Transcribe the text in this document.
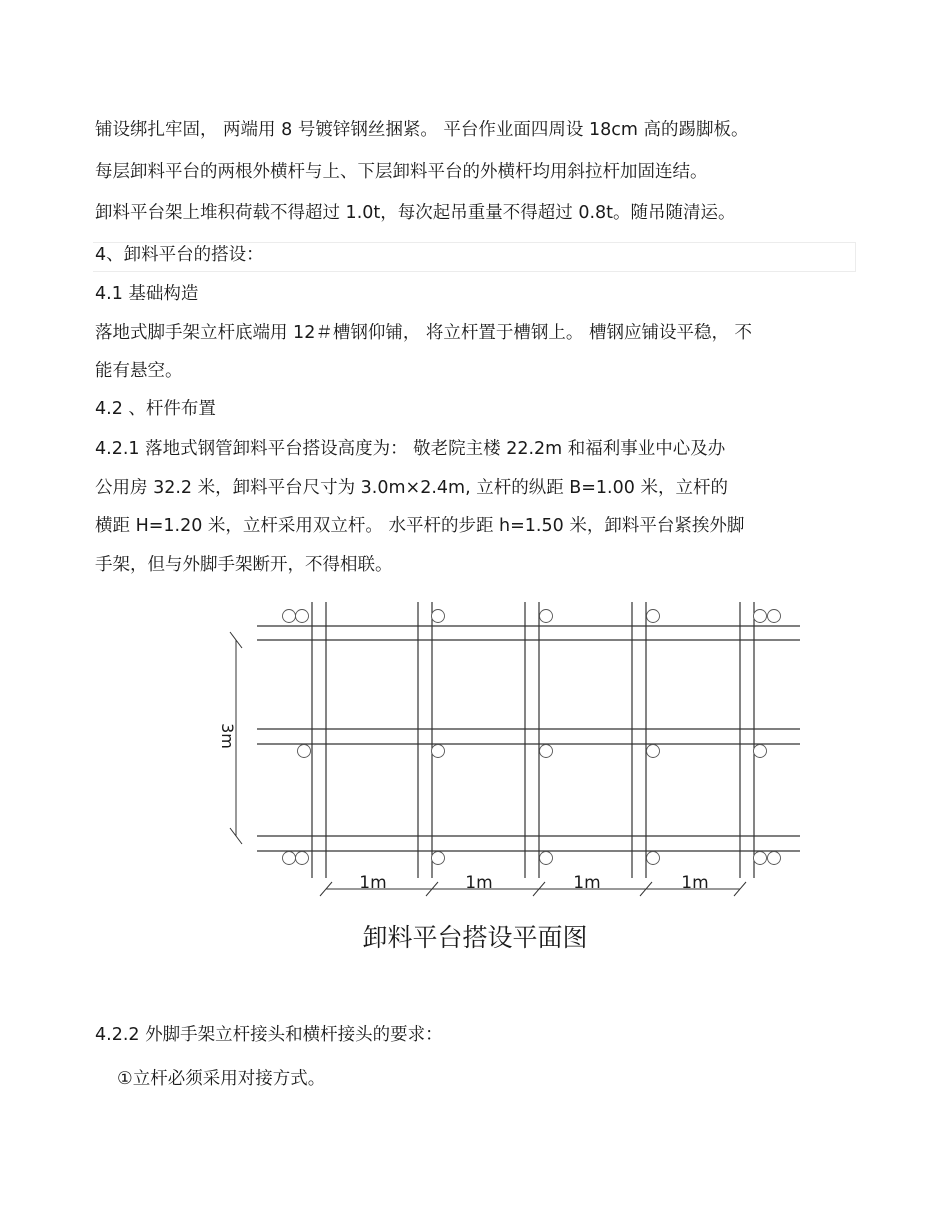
铺设绑扎牢固， 两端用 8 号镀锌钢丝捆紧。 平台作业面四周设 18cm 高的踢脚板。
每层卸料平台的两根外横杆与上、下层卸料平台的外横杆均用斜拉杆加固连结。
卸料平台架上堆积荷载不得超过 1.0t，每次起吊重量不得超过 0.8t。随吊随清运。
4、卸料平台的搭设：
4.1 基础构造
落地式脚手架立杆底端用 12＃槽钢仰铺， 将立杆置于槽钢上。 槽钢应铺设平稳， 不
能有悬空。
4.2 、杆件布置
4.2.1 落地式钢管卸料平台搭设高度为： 敬老院主楼 22.2m 和福利事业中心及办
公用房 32.2 米，卸料平台尺寸为 3.0m×2.4m, 立杆的纵距 B=1.00 米，立杆的
横距 H=1.20 米，立杆采用双立杆。 水平杆的步距 h=1.50 米，卸料平台紧挨外脚
手架，但与外脚手架断开，不得相联。
3m
1m	1m	1m	1m
卸料平台搭设平面图
4.2.2 外脚手架立杆接头和横杆接头的要求：
①立杆必须采用对接方式。
